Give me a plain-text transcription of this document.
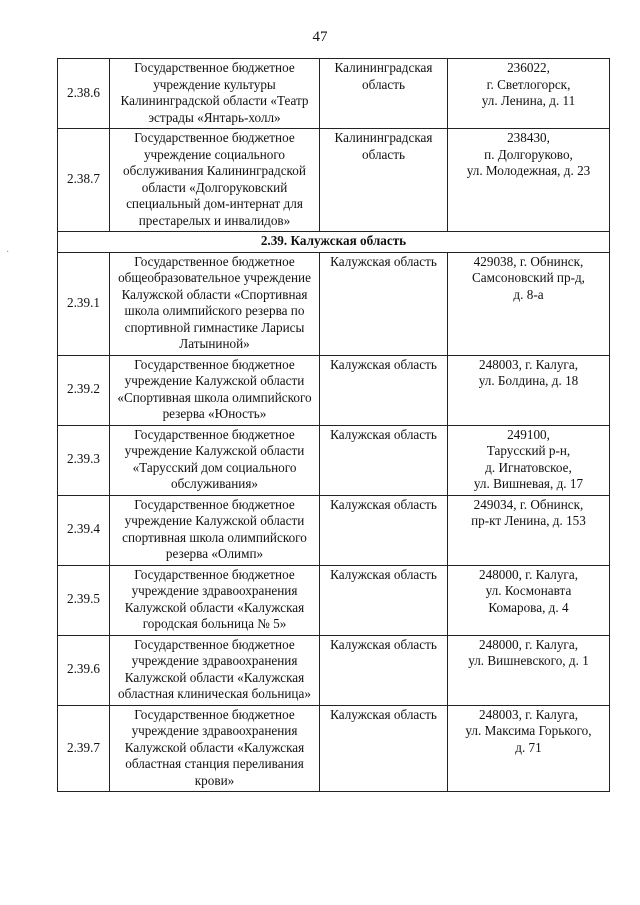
47
·
2.38.6	Государственное бюджетное учреждение культуры Калининградской области «Театр эстрады «Янтарь-холл»	Калининградская область	236022,
г. Светлогорск,
ул. Ленина, д. 11
2.38.7	Государственное бюджетное учреждение социального обслуживания Калининградской области «Долгоруковский специальный дом-интернат для престарелых и инвалидов»	Калининградская область	238430,
п. Долгоруково,
ул. Молодежная, д. 23
2.39. Калужская область			
2.39.1	Государственное бюджетное общеобразовательное учреждение Калужской области «Спортивная школа олимпийского резерва по спортивной гимнастике Ларисы Латыниной»	Калужская область	429038, г. Обнинск,
Самсоновский пр-д,
д. 8-а
2.39.2	Государственное бюджетное учреждение Калужской области «Спортивная школа олимпийского резерва «Юность»	Калужская область	248003, г. Калуга,
ул. Болдина, д. 18
2.39.3	Государственное бюджетное учреждение Калужской области «Тарусский дом социального обслуживания»	Калужская область	249100,
Тарусский р-н,
д. Игнатовское,
ул. Вишневая, д. 17
2.39.4	Государственное бюджетное учреждение Калужской области спортивная школа олимпийского резерва «Олимп»	Калужская область	249034, г. Обнинск,
пр-кт Ленина, д. 153
2.39.5	Государственное бюджетное учреждение здравоохранения Калужской области «Калужская городская больница № 5»	Калужская область	248000, г. Калуга,
ул. Космонавта
Комарова, д. 4
2.39.6	Государственное бюджетное учреждение здравоохранения Калужской области «Калужская областная клиническая больница»	Калужская область	248000, г. Калуга,
ул. Вишневского, д. 1
2.39.7	Государственное бюджетное учреждение здравоохранения Калужской области «Калужская областная станция переливания крови»	Калужская область	248003, г. Калуга,
ул. Максима Горького,
д. 71
